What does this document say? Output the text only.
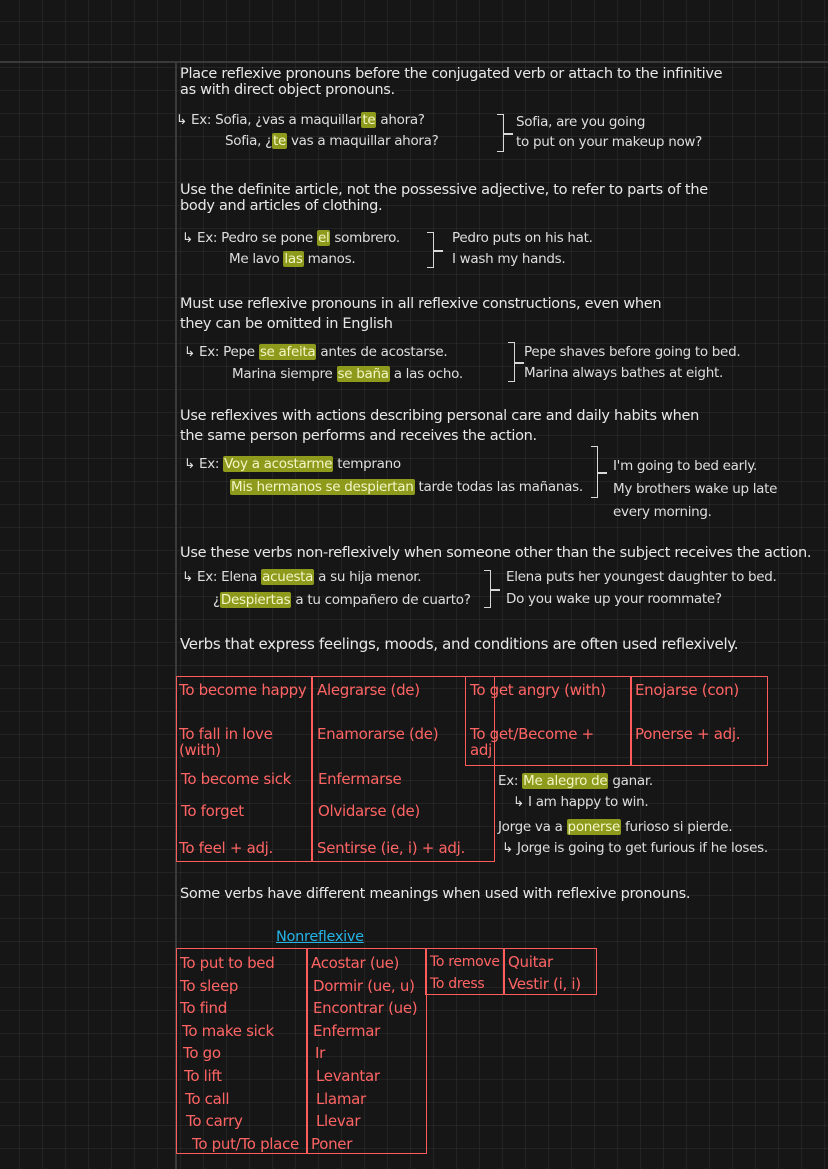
Place reflexive pronouns before the conjugated verb or attach to the infinitive
as with direct object pronouns.
↳ Ex: Sofia, ¿vas a maquillarte ahora?
Sofia, ¿te vas a maquillar ahora?
Sofia, are you going
to put on your makeup now?
Use the definite article, not the possessive adjective, to refer to parts of the
body and articles of clothing.
↳ Ex: Pedro se pone el sombrero.
Me lavo las manos.
Pedro puts on his hat.
I wash my hands.
Must use reflexive pronouns in all reflexive constructions, even when
they can be omitted in English
↳ Ex: Pepe se afeita antes de acostarse.
Marina siempre se baña a las ocho.
Pepe shaves before going to bed.
Marina always bathes at eight.
Use reflexives with actions describing personal care and daily habits when
the same person performs and receives the action.
↳ Ex: Voy a acostarme temprano
Mis hermanos se despiertan tarde todas las mañanas.
I'm going to bed early.
My brothers wake up late
every morning.
Use these verbs non-reflexively when someone other than the subject receives the action.
↳ Ex: Elena acuesta a su hija menor.
¿Despiertas a tu compañero de cuarto?
Elena puts her youngest daughter to bed.
Do you wake up your roommate?
Verbs that express feelings, moods, and conditions are often used reflexively.
To become happy Alegrarse (de)
To fall in love (with)
Enamorarse (de)
To become sick Enfermarse
To forget	Olvidarse (de)
To feel + adj.	Sentirse (ie, i) + adj.
To get angry (with) Enojarse (con)
To get/Become + adj
Ponerse + adj.
Ex: Me alegro de ganar.
↳ I am happy to win.
Jorge va a ponerse furioso si pierde.
↳ Jorge is going to get furious if he loses.
Some verbs have different meanings when used with reflexive pronouns.
Nonreflexive
To put to bed
To sleep
To find
To make sick
To go
To lift
To call
To carry
To put/To place
Acostar (ue)
Dormir (ue, u)
Encontrar (ue)
Enfermar
Ir
Levantar
Llamar
Llevar
Poner
To remove Quitar
To dress Vestir (i, i)
